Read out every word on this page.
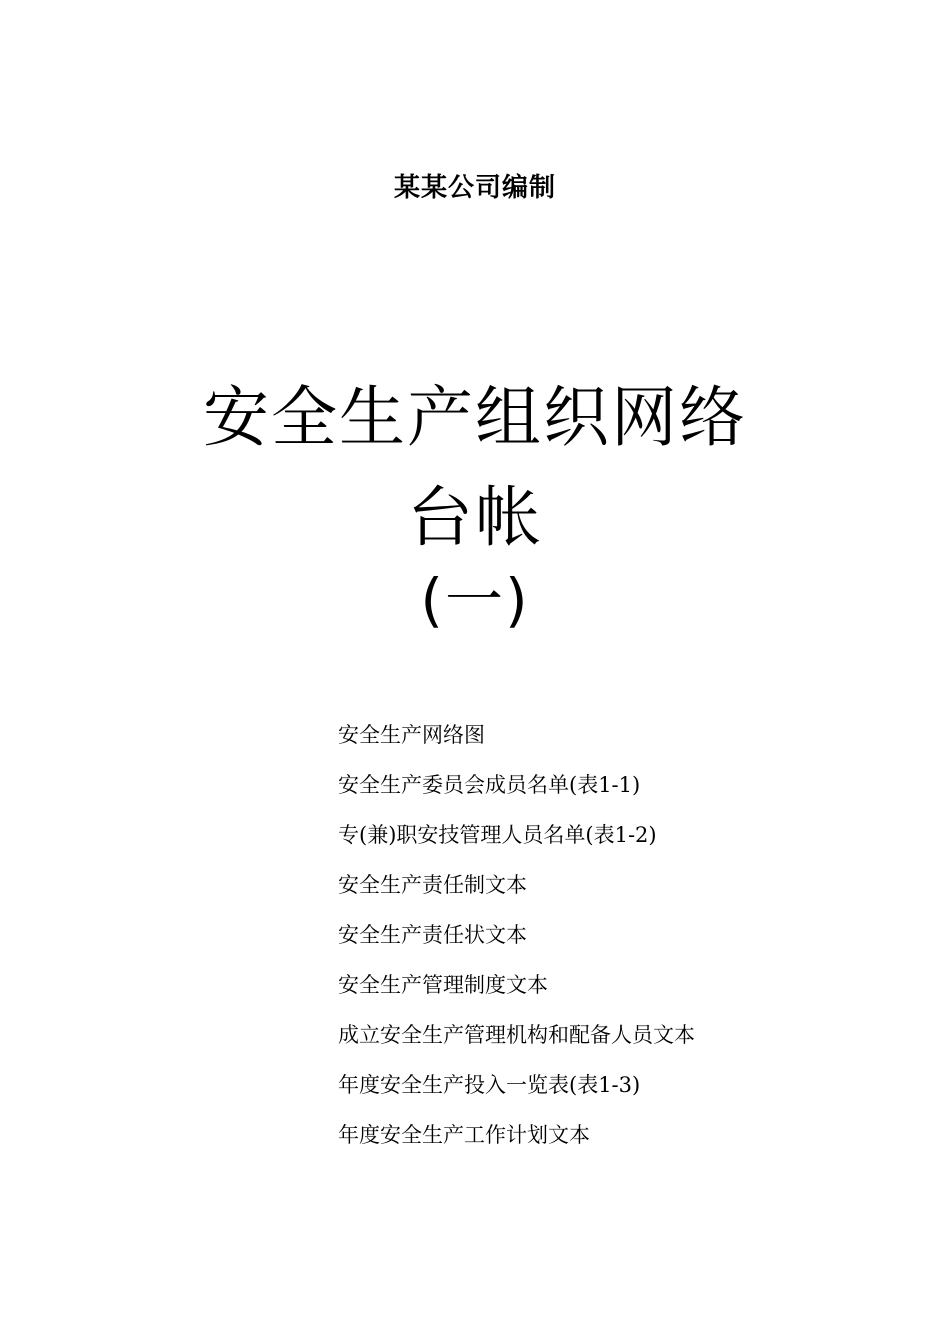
某某公司编制
安全生产组织网络
台帐
(一)
安全生产网络图
安全生产委员会成员名单(表1-1)
专(兼)职安技管理人员名单(表1-2)
安全生产责任制文本
安全生产责任状文本
安全生产管理制度文本
成立安全生产管理机构和配备人员文本
年度安全生产投入一览表(表1-3)
年度安全生产工作计划文本
